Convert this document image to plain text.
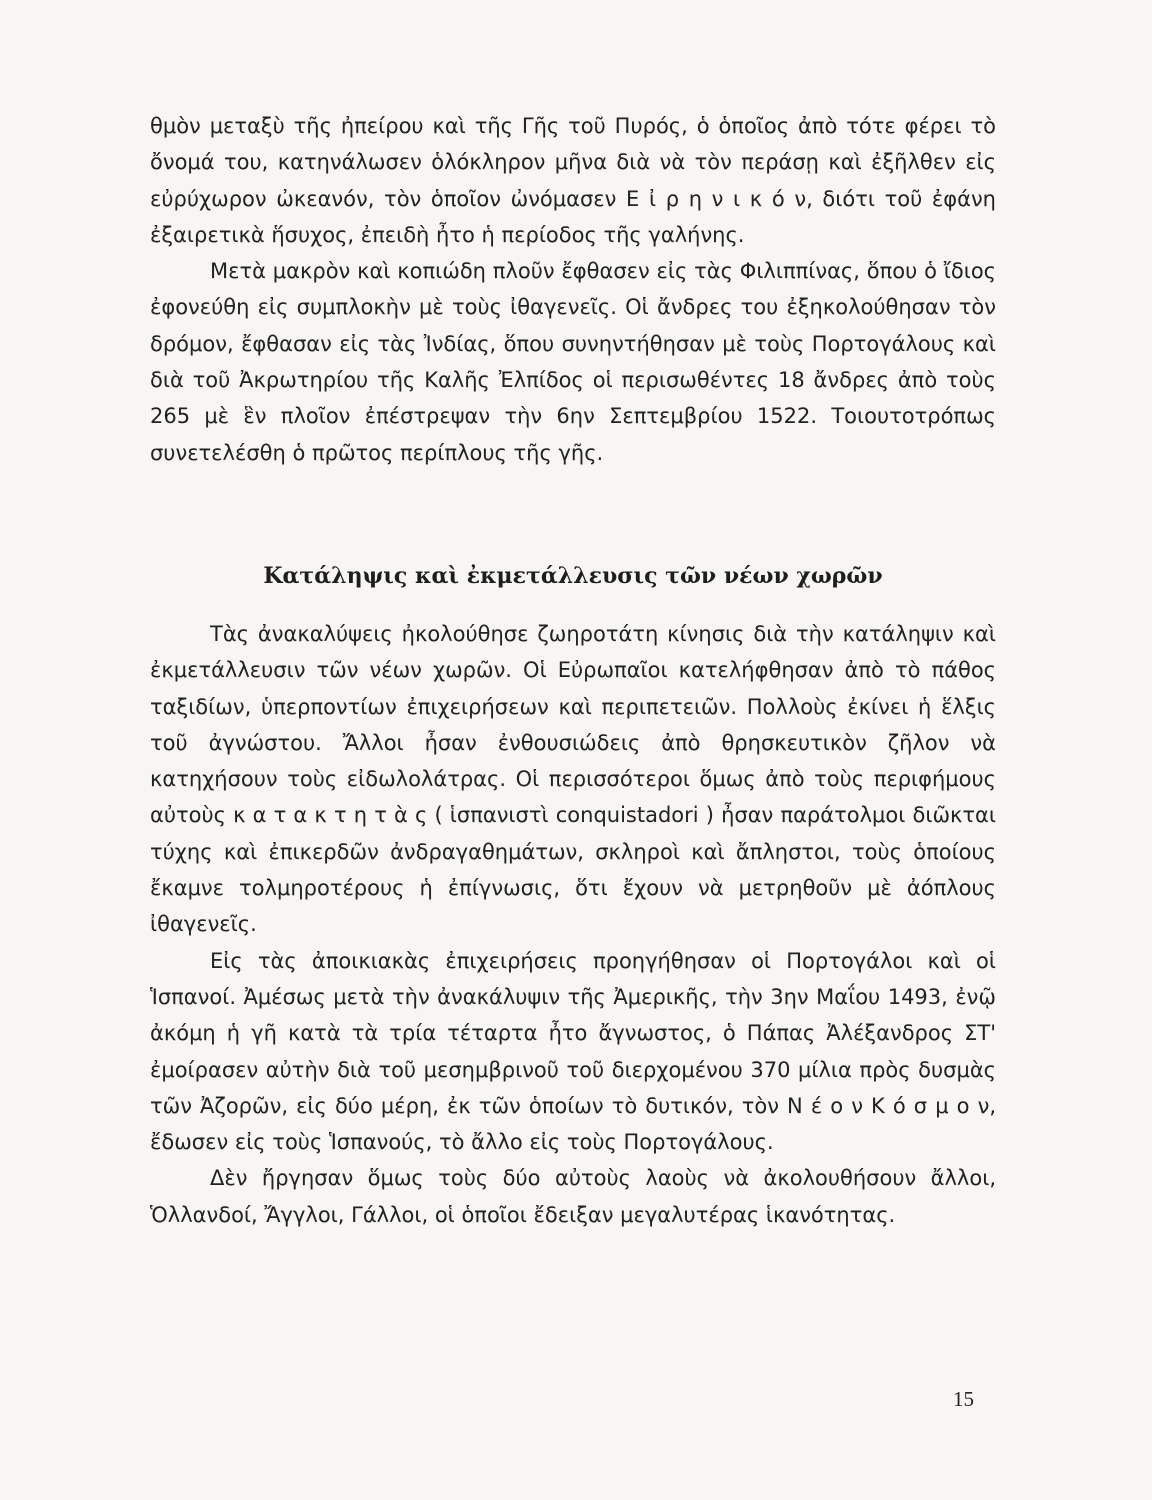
θμὸν μεταξὺ τῆς ἠπείρου καὶ τῆς Γῆς τοῦ Πυρός, ὁ ὁποῖος ἀπὸ τότε φέρει τὸ ὄνομά του, κατηνάλωσεν ὁλόκληρον μῆνα διὰ νὰ τὸν περάσῃ καὶ ἐξῆλθεν εἰς εὐρύχωρον ὠκεανόν, τὸν ὁποῖον ὠνόμασεν Ε ἰ ρ η ν ι κ ό ν, διότι τοῦ ἐφάνη ἐξαιρετικὰ ἥσυχος, ἐπειδὴ ἦτο ἡ περίοδος τῆς γαλήνης.

Μετὰ μακρὸν καὶ κοπιώδη πλοῦν ἔφθασεν εἰς τὰς Φιλιππίνας, ὅπου ὁ ἴδιος ἐφονεύθη εἰς συμπλοκὴν μὲ τοὺς ἰθαγενεῖς. Οἱ ἄνδρες του ἐξηκολούθησαν τὸν δρόμον, ἔφθασαν εἰς τὰς Ἰνδίας, ὅπου συνηντήθησαν μὲ τοὺς Πορτογάλους καὶ διὰ τοῦ Ἀκρωτηρίου τῆς Καλῆς Ἐλπίδος οἱ περισωθέντες 18 ἄνδρες ἀπὸ τοὺς 265 μὲ ἓν πλοῖον ἐπέστρεψαν τὴν 6ην Σεπτεμβρίου 1522. Τοιουτοτρόπως συνετελέσθη ὁ πρῶτος περίπλους τῆς γῆς.

Κατάληψις καὶ ἐκμετάλλευσις τῶν νέων χωρῶν

Τὰς ἀνακαλύψεις ἠκολούθησε ζωηροτάτη κίνησις διὰ τὴν κατάληψιν καὶ ἐκμετάλλευσιν τῶν νέων χωρῶν. Οἱ Εὐρωπαῖοι κατελήφθησαν ἀπὸ τὸ πάθος ταξιδίων, ὑπερποντίων ἐπιχειρήσεων καὶ περιπετειῶν. Πολλοὺς ἐκίνει ἡ ἕλξις τοῦ ἀγνώστου. Ἄλλοι ἦσαν ἐνθουσιώδεις ἀπὸ θρησκευτικὸν ζῆλον νὰ κατηχήσουν τοὺς εἰδωλολάτρας. Οἱ περισσότεροι ὅμως ἀπὸ τοὺς περιφήμους αὐτοὺς κ α τ α κ τ η τ ὰ ς ( ἱσπανιστὶ conquistadori ) ἦσαν παράτολμοι διῶκται τύχης καὶ ἐπικερδῶν ἀνδραγαθημάτων, σκληροὶ καὶ ἄπληστοι, τοὺς ὁποίους ἔκαμνε τολμηροτέρους ἡ ἐπίγνωσις, ὅτι ἔχουν νὰ μετρηθοῦν μὲ ἀόπλους ἰθαγενεῖς.

Εἰς τὰς ἀποικιακὰς ἐπιχειρήσεις προηγήθησαν οἱ Πορτογάλοι καὶ οἱ Ἱσπανοί. Ἀμέσως μετὰ τὴν ἀνακάλυψιν τῆς Ἀμερικῆς, τὴν 3ην Μαΐου 1493, ἐνῷ ἀκόμη ἡ γῆ κατὰ τὰ τρία τέταρτα ἦτο ἄγνωστος, ὁ Πάπας Ἀλέξανδρος ΣΤ' ἐμοίρασεν αὐτὴν διὰ τοῦ μεσημβρινοῦ τοῦ διερχομένου 370 μίλια πρὸς δυσμὰς τῶν Ἀζορῶν, εἰς δύο μέρη, ἐκ τῶν ὁποίων τὸ δυτικόν, τὸν Ν έ ο ν Κ ό σ μ ο ν, ἔδωσεν εἰς τοὺς Ἱσπανούς, τὸ ἄλλο εἰς τοὺς Πορτογάλους.

Δὲν ἤργησαν ὅμως τοὺς δύο αὐτοὺς λαοὺς νὰ ἀκολουθήσουν ἄλλοι, Ὁλλανδοί, Ἄγγλοι, Γάλλοι, οἱ ὁποῖοι ἔδειξαν μεγαλυτέρας ἱκανότητας.

15
